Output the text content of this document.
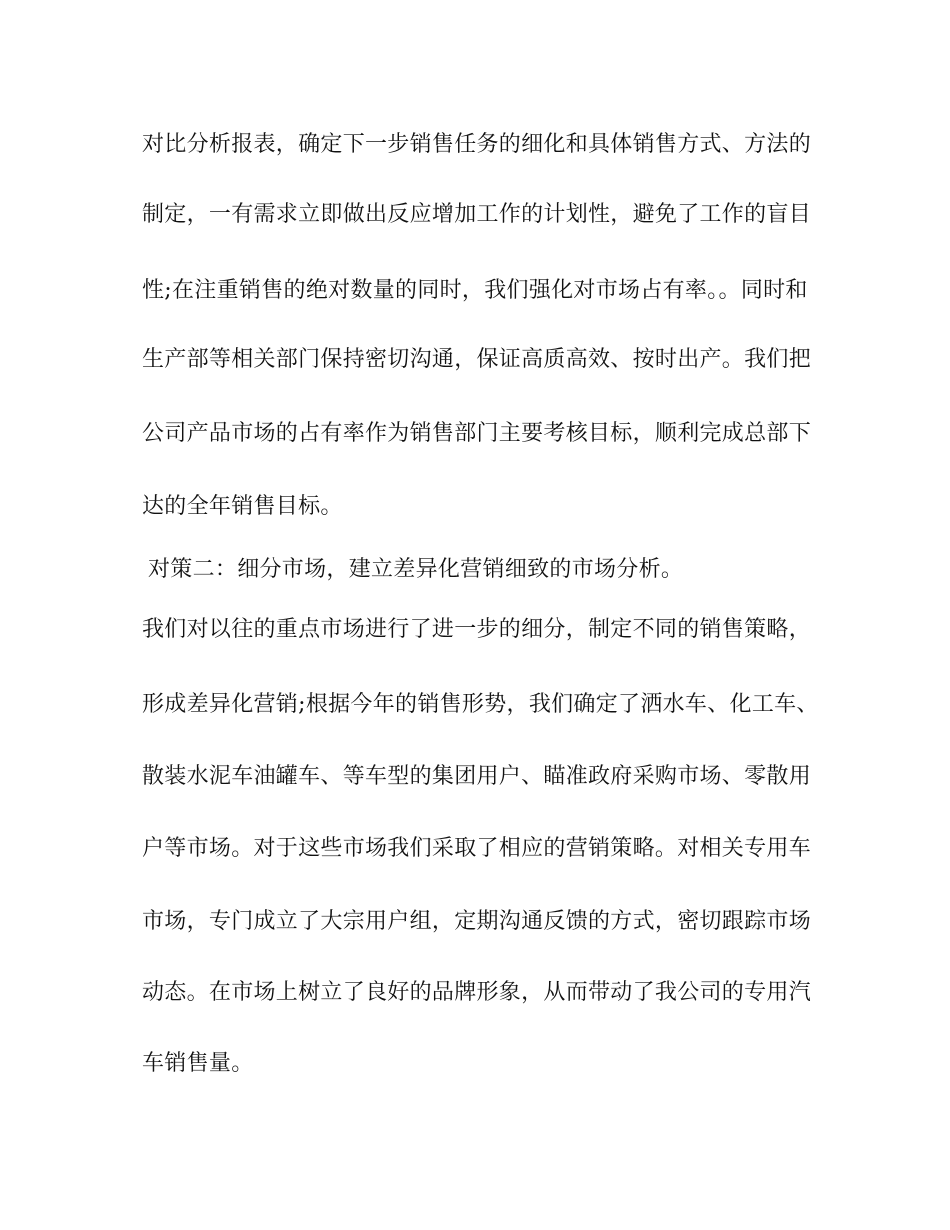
对比分析报表，确定下一步销售任务的细化和具体销售方式、方法的
制定，一有需求立即做出反应增加工作的计划性，避免了工作的盲目
性;在注重销售的绝对数量的同时，我们强化对市场占有率。。同时和
生产部等相关部门保持密切沟通，保证高质高效、按时出产。我们把
公司产品市场的占有率作为销售部门主要考核目标，顺利完成总部下
达的全年销售目标。
对策二：细分市场，建立差异化营销细致的市场分析。
我们对以往的重点市场进行了进一步的细分，制定不同的销售策略，
形成差异化营销;根据今年的销售形势，我们确定了洒水车、化工车、
散装水泥车油罐车、等车型的集团用户、瞄准政府采购市场、零散用
户等市场。对于这些市场我们采取了相应的营销策略。对相关专用车
市场，专门成立了大宗用户组，定期沟通反馈的方式，密切跟踪市场
动态。在市场上树立了良好的品牌形象，从而带动了我公司的专用汽
车销售量。
